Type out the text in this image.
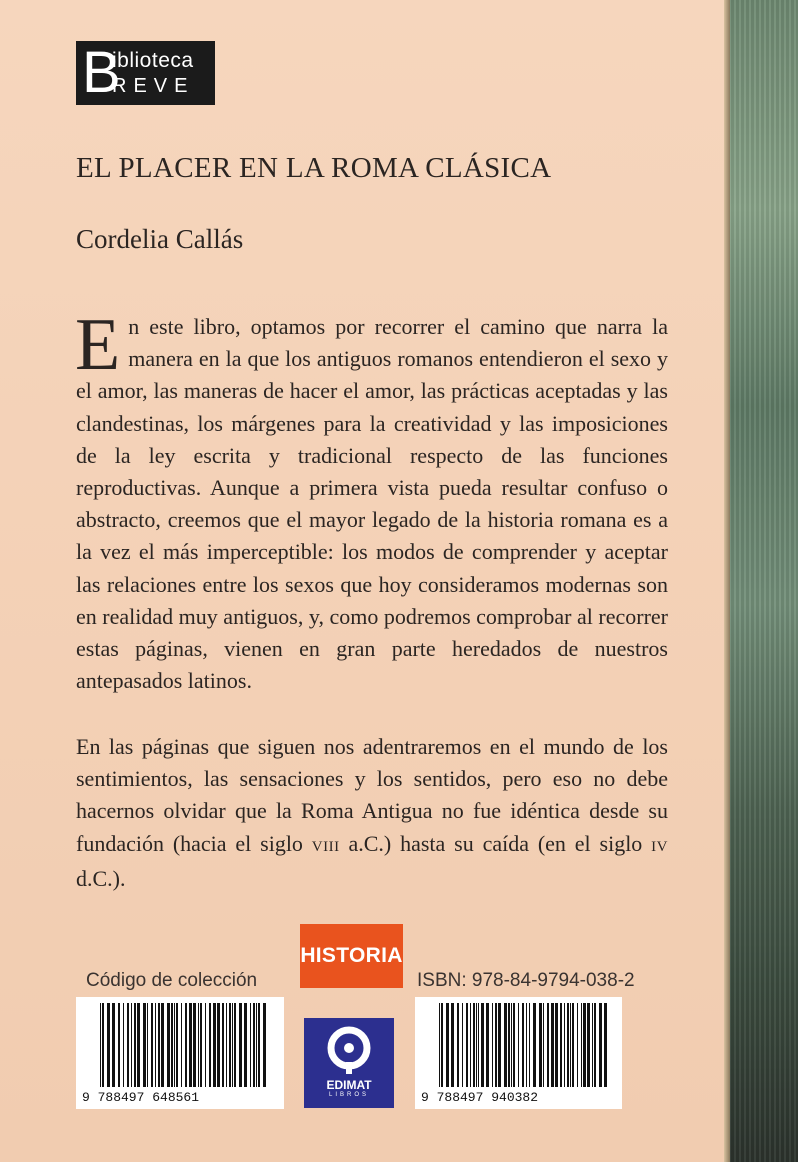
B
iblioteca
REVE
EL PLACER EN LA ROMA CLÁSICA
Cordelia Callás

En este libro, optamos por recorrer el camino que narra la manera en la que los antiguos romanos entendieron el sexo y el amor, las maneras de hacer el amor, las prácticas aceptadas y las clandestinas, los márgenes para la creatividad y las imposiciones de la ley escrita y tradicional respecto de las funciones reproductivas. Aunque a primera vista pueda resultar confuso o abstracto, creemos que el mayor legado de la historia romana es a la vez el más imperceptible: los modos de comprender y aceptar las relaciones entre los sexos que hoy consideramos modernas son en realidad muy antiguos, y, como podremos comprobar al recorrer estas páginas, vienen en gran parte heredados de nuestros antepasados latinos.

En las páginas que siguen nos adentraremos en el mundo de los sentimientos, las sensaciones y los sentidos, pero eso no debe hacernos olvidar que la Roma Antigua no fue idéntica desde su fundación (hacia el siglo VIII a.C.) hasta su caída (en el siglo IV d.C.).

HISTORIA
Código de colección	ISBN: 978-84-9794-038-2
9 788497 648561
EDIMAT
LIBROS	9 788497 940382
